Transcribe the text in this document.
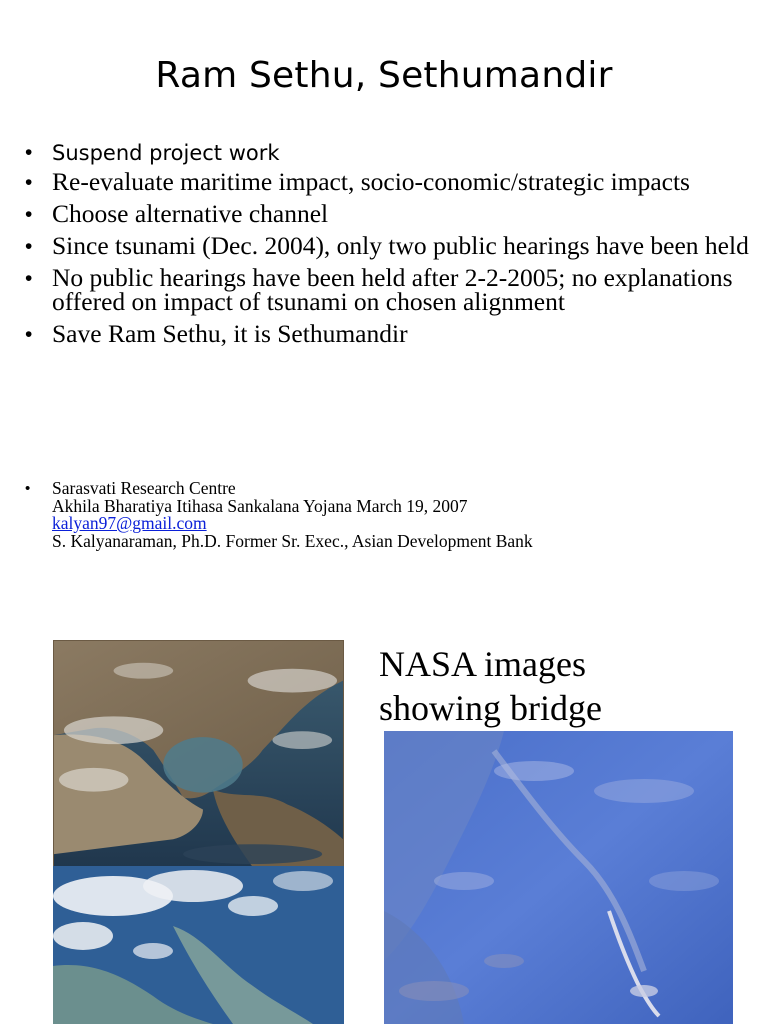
Ram Sethu, Sethumandir
• Suspend project work
• Re-evaluate maritime impact, socio-conomic/strategic impacts
• Choose alternative channel
• Since tsunami (Dec. 2004), only two public hearings have been held
• No public hearings have been held after 2-2-2005; no explanations offered on impact of tsunami on chosen alignment
• Save Ram Sethu, it is Sethumandir
• Sarasvati Research Centre
Akhila Bharatiya Itihasa Sankalana Yojana March 19, 2007
kalyan97@gmail.com
S. Kalyanaraman, Ph.D. Former Sr. Exec., Asian Development Bank
NASA images showing bridge
